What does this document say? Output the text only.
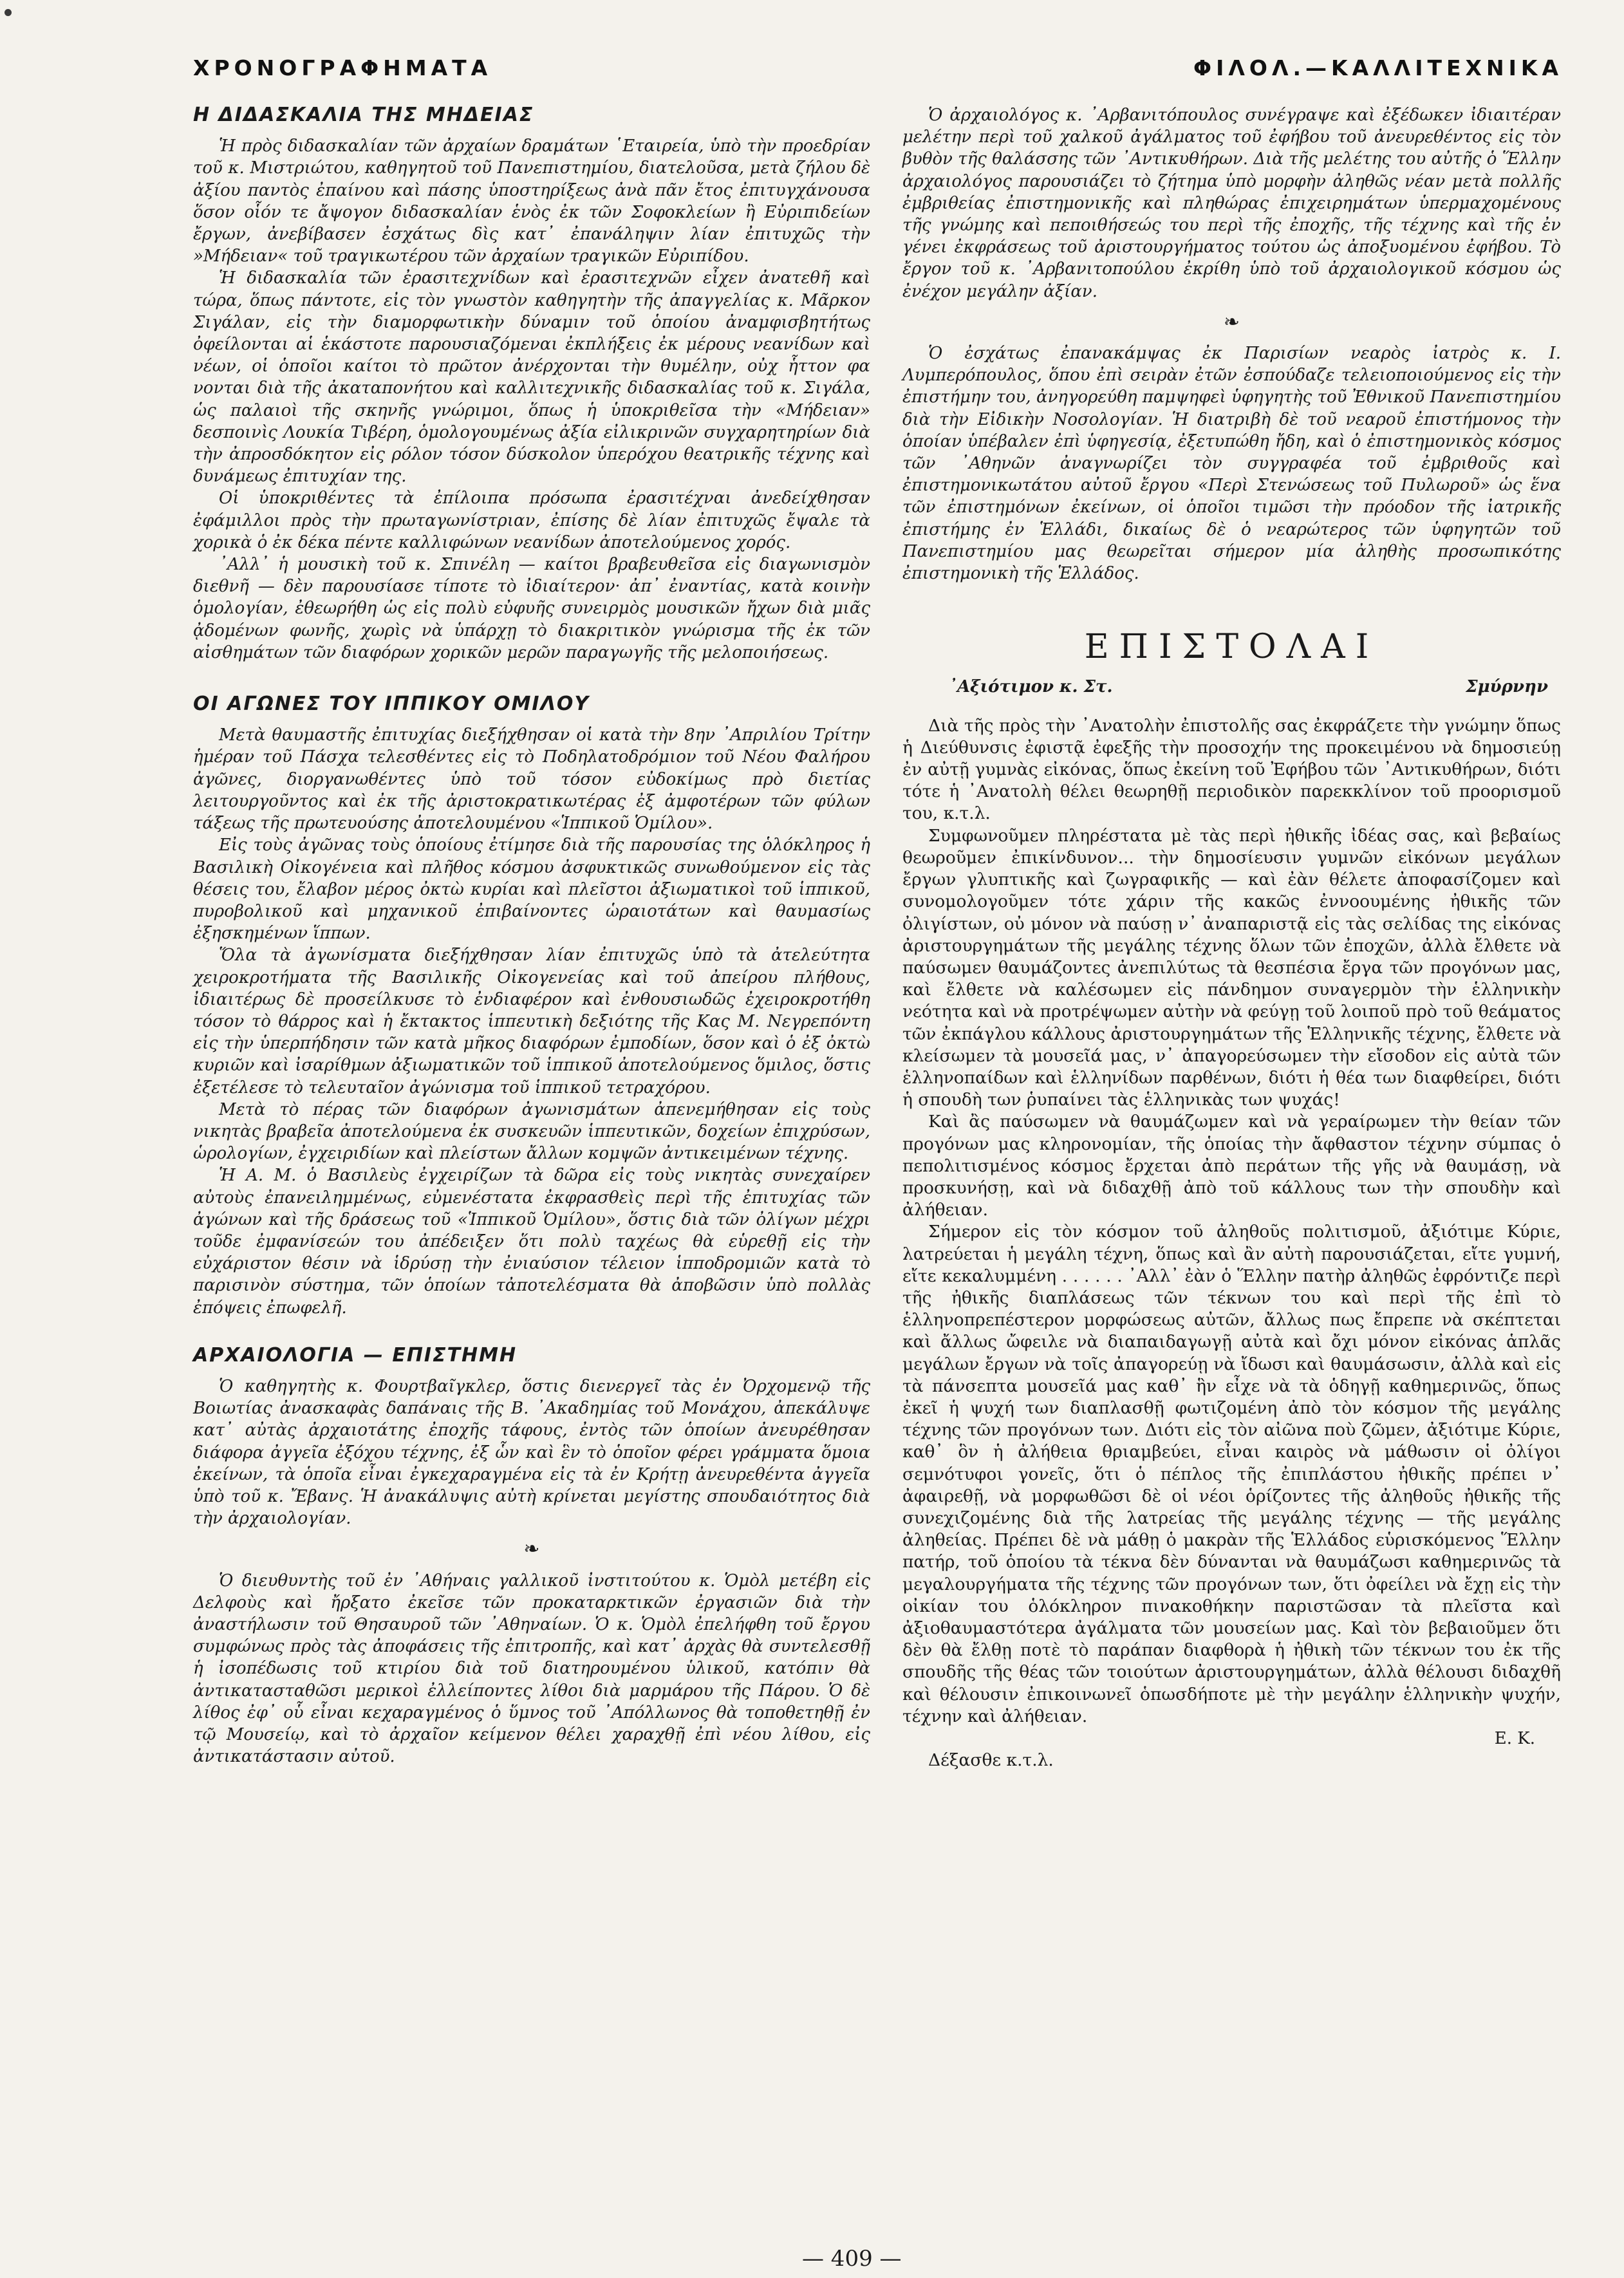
ΧΡΟΝΟΓΡΑΦΗΜΑΤΑ	ΦΙΛΟΛ.—ΚΑΛΛΙΤΕΧΝΙΚΑ
Η ΔΙΔΑΣΚΑΛΙΑ ΤΗΣ ΜΗΔΕΙΑΣ

Ἡ πρὸς διδασκαλίαν τῶν ἀρχαίων δραμάτων ῾Εταιρεία, ὑπὸ τὴν προεδρίαν τοῦ κ. Μιστριώτου, καθηγητοῦ τοῦ Πανεπιστημίου, διατελοῦσα, μετὰ ζήλου δὲ ἀξίου παντὸς ἐπαίνου καὶ πάσης ὑποστηρίξεως ἀνὰ πᾶν ἔτος ἐπιτυγχάνουσα ὅσον οἷόν τε ἄψογον διδασκαλίαν ἑνὸς ἐκ τῶν Σοφοκλείων ἢ Εὐριπιδείων ἔργων, ἀνεβίβασεν ἐσχάτως δὶς κατ᾿ ἐπανάληψιν λίαν ἐπιτυχῶς τὴν »Μήδειαν« τοῦ τραγικωτέρου τῶν ἀρχαίων τραγικῶν Εὐριπίδου.

Ἡ διδασκαλία τῶν ἐρασιτεχνίδων καὶ ἐρασιτεχνῶν εἶχεν ἀνατεθῆ καὶ τώρα, ὅπως πάντοτε, εἰς τὸν γνωστὸν καθηγητὴν τῆς ἀπαγγελίας κ. Μᾶρκον Σιγάλαν, εἰς τὴν διαμορφωτικὴν δύναμιν τοῦ ὁποίου ἀναμφισβητήτως ὀφείλονται αἱ ἑκάστοτε παρουσιαζόμεναι ἐκπλήξεις ἐκ μέρους νεανίδων καὶ νέων, οἱ ὁποῖοι καίτοι τὸ πρῶτον ἀνέρχονται τὴν θυμέλην, οὐχ ἧττον φα νονται διὰ τῆς ἀκαταπονήτου καὶ καλλιτεχνικῆς διδασκαλίας τοῦ κ. Σιγάλα, ὡς παλαιοὶ τῆς σκηνῆς γνώριμοι, ὅπως ἡ ὑποκριθεῖσα τὴν «Μήδειαν» δεσποινὶς Λουκία Τιβέρη, ὁμολογουμένως ἀξία εἰλικρινῶν συγχαρητηρίων διὰ τὴν ἀπροσδόκητον εἰς ρόλον τόσον δύσκολον ὑπερόχου θεατρικῆς τέχνης καὶ δυνάμεως ἐπιτυχίαν της.

Οἱ ὑποκριθέντες τὰ ἐπίλοιπα πρόσωπα ἐρασιτέχναι ἀνεδείχθησαν ἐφάμιλλοι πρὸς τὴν πρωταγωνίστριαν, ἐπίσης δὲ λίαν ἐπιτυχῶς ἔψαλε τὰ χορικὰ ὁ ἐκ δέκα πέντε καλλιφώνων νεανίδων ἀποτελούμενος χορός.

᾿Αλλ᾿ ἡ μουσικὴ τοῦ κ. Σπινέλη — καίτοι βραβευθεῖσα εἰς διαγωνισμὸν διεθνῆ — δὲν παρουσίασε τίποτε τὸ ἰδιαίτερον· ἀπ᾿ ἐναντίας, κατὰ κοινὴν ὁμολογίαν, ἐθεωρήθη ὡς εἰς πολὺ εὐφυῆς συνειρμὸς μουσικῶν ἤχων διὰ μιᾶς ᾀδομένων φωνῆς, χωρὶς νὰ ὑπάρχῃ τὸ διακριτικὸν γνώρισμα τῆς ἐκ τῶν αἰσθημάτων τῶν διαφόρων χορικῶν μερῶν παραγωγῆς τῆς μελοποιήσεως.

ΟΙ ΑΓΩΝΕΣ ΤΟΥ ΙΠΠΙΚΟΥ ΟΜΙΛΟΥ

Μετὰ θαυμαστῆς ἐπιτυχίας διεξήχθησαν οἱ κατὰ τὴν 8ην ᾿Απριλίου Τρίτην ἡμέραν τοῦ Πάσχα τελεσθέντες εἰς τὸ Ποδηλατοδρόμιον τοῦ Νέου Φαλήρου ἀγῶνες, διοργανωθέντες ὑπὸ τοῦ τόσον εὐδοκίμως πρὸ διετίας λειτουργοῦντος καὶ ἐκ τῆς ἀριστοκρατικωτέρας ἐξ ἀμφοτέρων τῶν φύλων τάξεως τῆς πρωτευούσης ἀποτελουμένου «Ἱππικοῦ Ὁμίλου».

Εἰς τοὺς ἀγῶνας τοὺς ὁποίους ἐτίμησε διὰ τῆς παρουσίας της ὁλόκληρος ἡ Βασιλικὴ Οἰκογένεια καὶ πλῆθος κόσμου ἀσφυκτικῶς συνωθούμενον εἰς τὰς θέσεις του, ἔλαβον μέρος ὀκτὼ κυρίαι καὶ πλεῖστοι ἀξιωματικοὶ τοῦ ἱππικοῦ, πυροβολικοῦ καὶ μηχανικοῦ ἐπιβαίνοντες ὡραιοτάτων καὶ θαυμασίως ἐξησκημένων ἵππων.

Ὅλα τὰ ἀγωνίσματα διεξήχθησαν λίαν ἐπιτυχῶς ὑπὸ τὰ ἀτελεύτητα χειροκροτήματα τῆς Βασιλικῆς Οἰκογενείας καὶ τοῦ ἀπείρου πλήθους, ἰδιαιτέρως δὲ προσείλκυσε τὸ ἐνδιαφέρον καὶ ἐνθουσιωδῶς ἐχειροκροτήθη τόσον τὸ θάρρος καὶ ἡ ἔκτακτος ἱππευτικὴ δεξιότης τῆς Κας Μ. Νεγρεπόντη εἰς τὴν ὑπερπήδησιν τῶν κατὰ μῆκος διαφόρων ἐμποδίων, ὅσον καὶ ὁ ἐξ ὀκτὼ κυριῶν καὶ ἰσαρίθμων ἀξιωματικῶν τοῦ ἱππικοῦ ἀποτελούμενος ὅμιλος, ὅστις ἐξετέλεσε τὸ τελευταῖον ἀγώνισμα τοῦ ἱππικοῦ τετραχόρου.

Μετὰ τὸ πέρας τῶν διαφόρων ἀγωνισμάτων ἀπενεμήθησαν εἰς τοὺς νικητὰς βραβεῖα ἀποτελούμενα ἐκ συσκευῶν ἱππευτικῶν, δοχείων ἐπιχρύσων, ὡρολογίων, ἐγχειριδίων καὶ πλείστων ἄλλων κομψῶν ἀντικειμένων τέχνης.

Ἡ Α. Μ. ὁ Βασιλεὺς ἐγχειρίζων τὰ δῶρα εἰς τοὺς νικητὰς συνεχαίρεν αὐτοὺς ἐπανειλημμένως, εὐμενέστατα ἐκφρασθεὶς περὶ τῆς ἐπιτυχίας τῶν ἀγώνων καὶ τῆς δράσεως τοῦ «Ἱππικοῦ Ὁμίλου», ὅστις διὰ τῶν ὀλίγων μέχρι τοῦδε ἐμφανίσεών του ἀπέδειξεν ὅτι πολὺ ταχέως θὰ εὑρεθῇ εἰς τὴν εὐχάριστον θέσιν νὰ ἱδρύσῃ τὴν ἐνιαύσιον τέλειον ἱπποδρομιῶν κατὰ τὸ παρισινὸν σύστημα, τῶν ὁποίων τἀποτελέσματα θὰ ἀποβῶσιν ὑπὸ πολλὰς ἐπόψεις ἐπωφελῆ.

ΑΡΧΑΙΟΛΟΓΙΑ — ΕΠΙΣΤΗΜΗ

Ὁ καθηγητὴς κ. Φουρτβαῖγκλερ, ὅστις διενεργεῖ τὰς ἐν Ὀρχομενῷ τῆς Βοιωτίας ἀνασκαφὰς δαπάναις τῆς Β. ᾿Ακαδημίας τοῦ Μονάχου, ἀπεκάλυψε κατ᾿ αὐτὰς ἀρχαιοτάτης ἐποχῆς τάφους, ἐντὸς τῶν ὁποίων ἀνευρέθησαν διάφορα ἀγγεῖα ἐξόχου τέχνης, ἐξ ὧν καὶ ἓν τὸ ὁποῖον φέρει γράμματα ὅμοια ἐκείνων, τὰ ὁποῖα εἶναι ἐγκεχαραγμένα εἰς τὰ ἐν Κρήτῃ ἀνευρεθέντα ἀγγεῖα ὑπὸ τοῦ κ. Ἔβανς. Ἡ ἀνακάλυψις αὐτὴ κρίνεται μεγίστης σπουδαιότητος διὰ τὴν ἀρχαιολογίαν.

❧

Ὁ διευθυντὴς τοῦ ἐν ᾿Αθήναις γαλλικοῦ ἰνστιτούτου κ. Ὁμὸλ μετέβη εἰς Δελφοὺς καὶ ἤρξατο ἐκεῖσε τῶν προκαταρκτικῶν ἐργασιῶν διὰ τὴν ἀναστήλωσιν τοῦ Θησαυροῦ τῶν ᾿Αθηναίων. Ὁ κ. Ὁμὸλ ἐπελήφθη τοῦ ἔργου συμφώνως πρὸς τὰς ἀποφάσεις τῆς ἐπιτροπῆς, καὶ κατ᾿ ἀρχὰς θὰ συντελεσθῇ ἡ ἰσοπέδωσις τοῦ κτιρίου διὰ τοῦ διατηρουμένου ὑλικοῦ, κατόπιν θὰ ἀντικατασταθῶσι μερικοὶ ἐλλείποντες λίθοι διὰ μαρμάρου τῆς Πάρου. Ὁ δὲ λίθος ἐφ᾿ οὗ εἶναι κεχαραγμένος ὁ ὕμνος τοῦ ᾿Απόλλωνος θὰ τοποθετηθῇ ἐν τῷ Μουσείῳ, καὶ τὸ ἀρχαῖον κείμενον θέλει χαραχθῇ ἐπὶ νέου λίθου, εἰς ἀντικατάστασιν αὐτοῦ.

Ὁ ἀρχαιολόγος κ. ᾿Αρβανιτόπουλος συνέγραψε καὶ ἐξέδωκεν ἰδιαιτέραν μελέτην περὶ τοῦ χαλκοῦ ἀγάλματος τοῦ ἐφήβου τοῦ ἀνευρεθέντος εἰς τὸν βυθὸν τῆς θαλάσσης τῶν ᾿Αντικυθήρων. Διὰ τῆς μελέτης του αὐτῆς ὁ Ἕλλην ἀρχαιολόγος παρουσιάζει τὸ ζήτημα ὑπὸ μορφὴν ἀληθῶς νέαν μετὰ πολλῆς ἐμβριθείας ἐπιστημονικῆς καὶ πληθώρας ἐπιχειρημάτων ὑπερμαχομένους τῆς γνώμης καὶ πεποιθήσεώς του περὶ τῆς ἐποχῆς, τῆς τέχνης καὶ τῆς ἐν γένει ἐκφράσεως τοῦ ἀριστουργήματος τούτου ὡς ἀποξυομένου ἐφήβου. Τὸ ἔργον τοῦ κ. ᾿Αρβανιτοπούλου ἐκρίθη ὑπὸ τοῦ ἀρχαιολογικοῦ κόσμου ὡς ἐνέχον μεγάλην ἀξίαν.

❧

Ὁ ἐσχάτως ἐπανακάμψας ἐκ Παρισίων νεαρὸς ἰατρὸς κ. Ι. Λυμπερόπουλος, ὅπου ἐπὶ σειρὰν ἐτῶν ἐσπούδαζε τελειοποιούμενος εἰς τὴν ἐπιστήμην του, ἀνηγορεύθη παμψηφεὶ ὑφηγητὴς τοῦ Ἐθνικοῦ Πανεπιστημίου διὰ τὴν Εἰδικὴν Νοσολογίαν. Ἡ διατριβὴ δὲ τοῦ νεαροῦ ἐπιστήμονος τὴν ὁποίαν ὑπέβαλεν ἐπὶ ὑφηγεσίᾳ, ἐξετυπώθη ἤδη, καὶ ὁ ἐπιστημονικὸς κόσμος τῶν ᾿Αθηνῶν ἀναγνωρίζει τὸν συγγραφέα τοῦ ἐμβριθοῦς καὶ ἐπιστημονικωτάτου αὐτοῦ ἔργου «Περὶ Στενώσεως τοῦ Πυλωροῦ» ὡς ἕνα τῶν ἐπιστημόνων ἐκείνων, οἱ ὁποῖοι τιμῶσι τὴν πρόοδον τῆς ἰατρικῆς ἐπιστήμης ἐν Ἑλλάδι, δικαίως δὲ ὁ νεαρώτερος τῶν ὑφηγητῶν τοῦ Πανεπιστημίου μας θεωρεῖται σήμερον μία ἀληθὴς προσωπικότης ἐπιστημονικὴ τῆς Ἑλλάδος.

ΕΠΙΣΤΟΛΑΙ
᾿Αξιότιμον κ. Στ.	Σμύρνην

Διὰ τῆς πρὸς τὴν ᾿Ανατολὴν ἐπιστολῆς σας ἐκφράζετε τὴν γνώμην ὅπως ἡ Διεύθυνσις ἐφιστᾷ ἐφεξῆς τὴν προσοχήν της προκειμένου νὰ δημοσιεύῃ ἐν αὐτῇ γυμνὰς εἰκόνας, ὅπως ἐκείνη τοῦ Ἐφήβου τῶν ᾿Αντικυθήρων, διότι τότε ἡ ᾿Ανατολὴ θέλει θεωρηθῇ περιοδικὸν παρεκκλίνον τοῦ προορισμοῦ του, κ.τ.λ.

Συμφωνοῦμεν πληρέστατα μὲ τὰς περὶ ἠθικῆς ἰδέας σας, καὶ βεβαίως θεωροῦμεν ἐπικίνδυνον... τὴν δημοσίευσιν γυμνῶν εἰκόνων μεγάλων ἔργων γλυπτικῆς καὶ ζωγραφικῆς — καὶ ἐὰν θέλετε ἀποφασίζομεν καὶ συνομολογοῦμεν τότε χάριν τῆς κακῶς ἐννοουμένης ἠθικῆς τῶν ὀλιγίστων, οὐ μόνον νὰ παύσῃ ν᾿ ἀναπαριστᾷ εἰς τὰς σελίδας της εἰκόνας ἀριστουργημάτων τῆς μεγάλης τέχνης ὅλων τῶν ἐποχῶν, ἀλλὰ ἔλθετε νὰ παύσωμεν θαυμάζοντες ἀνεπιλύτως τὰ θεσπέσια ἔργα τῶν προγόνων μας, καὶ ἔλθετε νὰ καλέσωμεν εἰς πάνδημον συναγερμὸν τὴν ἑλληνικὴν νεότητα καὶ νὰ προτρέψωμεν αὐτὴν νὰ φεύγῃ τοῦ λοιποῦ πρὸ τοῦ θεάματος τῶν ἐκπάγλου κάλλους ἀριστουργημάτων τῆς Ἑλληνικῆς τέχνης, ἔλθετε νὰ κλείσωμεν τὰ μουσεῖά μας, ν᾿ ἀπαγορεύσωμεν τὴν εἴσοδον εἰς αὐτὰ τῶν ἑλληνοπαίδων καὶ ἑλληνίδων παρθένων, διότι ἡ θέα των διαφθείρει, διότι ἡ σπουδὴ των ῥυπαίνει τὰς ἑλληνικὰς των ψυχάς!

Καὶ ἂς παύσωμεν νὰ θαυμάζωμεν καὶ νὰ γεραίρωμεν τὴν θείαν τῶν προγόνων μας κληρονομίαν, τῆς ὁποίας τὴν ἄφθαστον τέχνην σύμπας ὁ πεπολιτισμένος κόσμος ἔρχεται ἀπὸ περάτων τῆς γῆς νὰ θαυμάσῃ, νὰ προσκυνήσῃ, καὶ νὰ διδαχθῇ ἀπὸ τοῦ κάλλους των τὴν σπουδὴν καὶ ἀλήθειαν.

Σήμερον εἰς τὸν κόσμον τοῦ ἀληθοῦς πολιτισμοῦ, ἀξιότιμε Κύριε, λατρεύεται ἡ μεγάλη τέχνη, ὅπως καὶ ἂν αὐτὴ παρουσιάζεται, εἴτε γυμνή, εἴτε κεκαλυμμένη . . . . . . ᾿Αλλ᾿ ἐὰν ὁ Ἕλλην πατὴρ ἀληθῶς ἐφρόντιζε περὶ τῆς ἠθικῆς διαπλάσεως τῶν τέκνων του καὶ περὶ τῆς ἐπὶ τὸ ἑλληνοπρεπέστερον μορφώσεως αὐτῶν, ἄλλως πως ἔπρεπε νὰ σκέπτεται καὶ ἄλλως ὤφειλε νὰ διαπαιδαγωγῇ αὐτὰ καὶ ὄχι μόνον εἰκόνας ἁπλᾶς μεγάλων ἔργων νὰ τοῖς ἀπαγορεύῃ νὰ ἴδωσι καὶ θαυμάσωσιν, ἀλλὰ καὶ εἰς τὰ πάνσεπτα μουσεῖά μας καθ᾿ ἣν εἶχε νὰ τὰ ὁδηγῇ καθημερινῶς, ὅπως ἐκεῖ ἡ ψυχή των διαπλασθῇ φωτιζομένη ἀπὸ τὸν κόσμον τῆς μεγάλης τέχνης τῶν προγόνων των. Διότι εἰς τὸν αἰῶνα ποὺ ζῶμεν, ἀξιότιμε Κύριε, καθ᾿ ὃν ἡ ἀλήθεια θριαμβεύει, εἶναι καιρὸς νὰ μάθωσιν οἱ ὀλίγοι σεμνότυφοι γονεῖς, ὅτι ὁ πέπλος τῆς ἐπιπλάστου ἠθικῆς πρέπει ν᾿ ἀφαιρεθῇ, νὰ μορφωθῶσι δὲ οἱ νέοι ὁρίζοντες τῆς ἀληθοῦς ἠθικῆς τῆς συνεχιζομένης διὰ τῆς λατρείας τῆς μεγάλης τέχνης — τῆς μεγάλης ἀληθείας. Πρέπει δὲ νὰ μάθῃ ὁ μακρὰν τῆς Ἑλλάδος εὑρισκόμενος Ἕλλην πατήρ, τοῦ ὁποίου τὰ τέκνα δὲν δύνανται νὰ θαυμάζωσι καθημερινῶς τὰ μεγαλουργήματα τῆς τέχνης τῶν προγόνων των, ὅτι ὀφείλει νὰ ἔχῃ εἰς τὴν οἰκίαν του ὁλόκληρον πινακοθήκην παριστῶσαν τὰ πλεῖστα καὶ ἀξιοθαυμαστότερα ἀγάλματα τῶν μουσείων μας. Καὶ τὸν βεβαιοῦμεν ὅτι δὲν θὰ ἔλθῃ ποτὲ τὸ παράπαν διαφθορὰ ἡ ἠθικὴ τῶν τέκνων του ἐκ τῆς σπουδῆς τῆς θέας τῶν τοιούτων ἀριστουργημάτων, ἀλλὰ θέλουσι διδαχθῆ καὶ θέλουσιν ἐπικοινωνεῖ ὁπωσδήποτε μὲ τὴν μεγάλην ἑλληνικὴν ψυχήν, τέχνην καὶ ἀλήθειαν.

Ε. Κ.

Δέξασθε κ.τ.λ.

— 409 —
